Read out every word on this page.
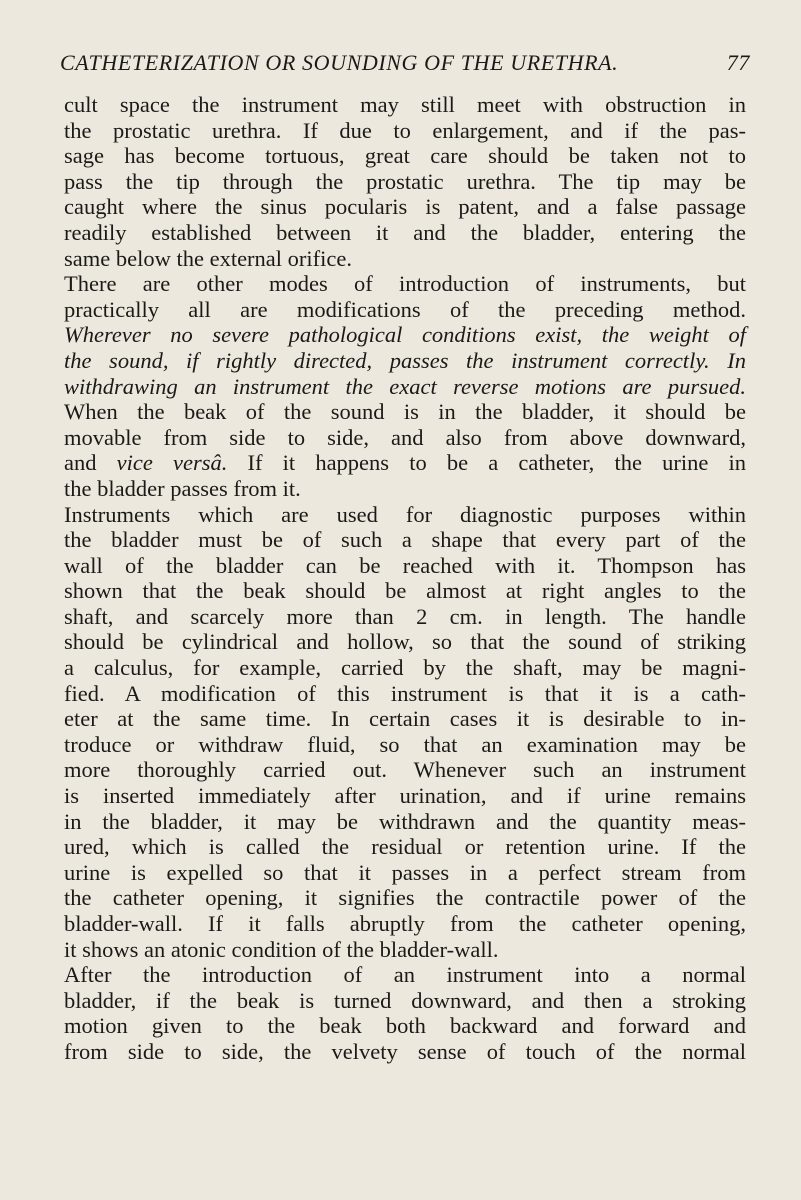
CATHETERIZATION OR SOUNDING OF THE URETHRA.	77
cult space the instrument may still meet with obstruction in
the prostatic urethra. If due to enlargement, and if the pas-
sage has become tortuous, great care should be taken not to
pass the tip through the prostatic urethra. The tip may be
caught where the sinus pocularis is patent, and a false passage
readily established between it and the bladder, entering the
same below the external orifice.
There are other modes of introduction of instruments, but
practically all are modifications of the preceding method.
Wherever no severe pathological conditions exist, the weight of
the sound, if rightly directed, passes the instrument correctly. In
withdrawing an instrument the exact reverse motions are pursued.
When the beak of the sound is in the bladder, it should be
movable from side to side, and also from above downward,
and vice versâ. If it happens to be a catheter, the urine in
the bladder passes from it.
Instruments which are used for diagnostic purposes within
the bladder must be of such a shape that every part of the
wall of the bladder can be reached with it. Thompson has
shown that the beak should be almost at right angles to the
shaft, and scarcely more than 2 cm. in length. The handle
should be cylindrical and hollow, so that the sound of striking
a calculus, for example, carried by the shaft, may be magni-
fied. A modification of this instrument is that it is a cath-
eter at the same time. In certain cases it is desirable to in-
troduce or withdraw fluid, so that an examination may be
more thoroughly carried out. Whenever such an instrument
is inserted immediately after urination, and if urine remains
in the bladder, it may be withdrawn and the quantity meas-
ured, which is called the residual or retention urine. If the
urine is expelled so that it passes in a perfect stream from
the catheter opening, it signifies the contractile power of the
bladder-wall. If it falls abruptly from the catheter opening,
it shows an atonic condition of the bladder-wall.
After the introduction of an instrument into a normal
bladder, if the beak is turned downward, and then a stroking
motion given to the beak both backward and forward and
from side to side, the velvety sense of touch of the normal
